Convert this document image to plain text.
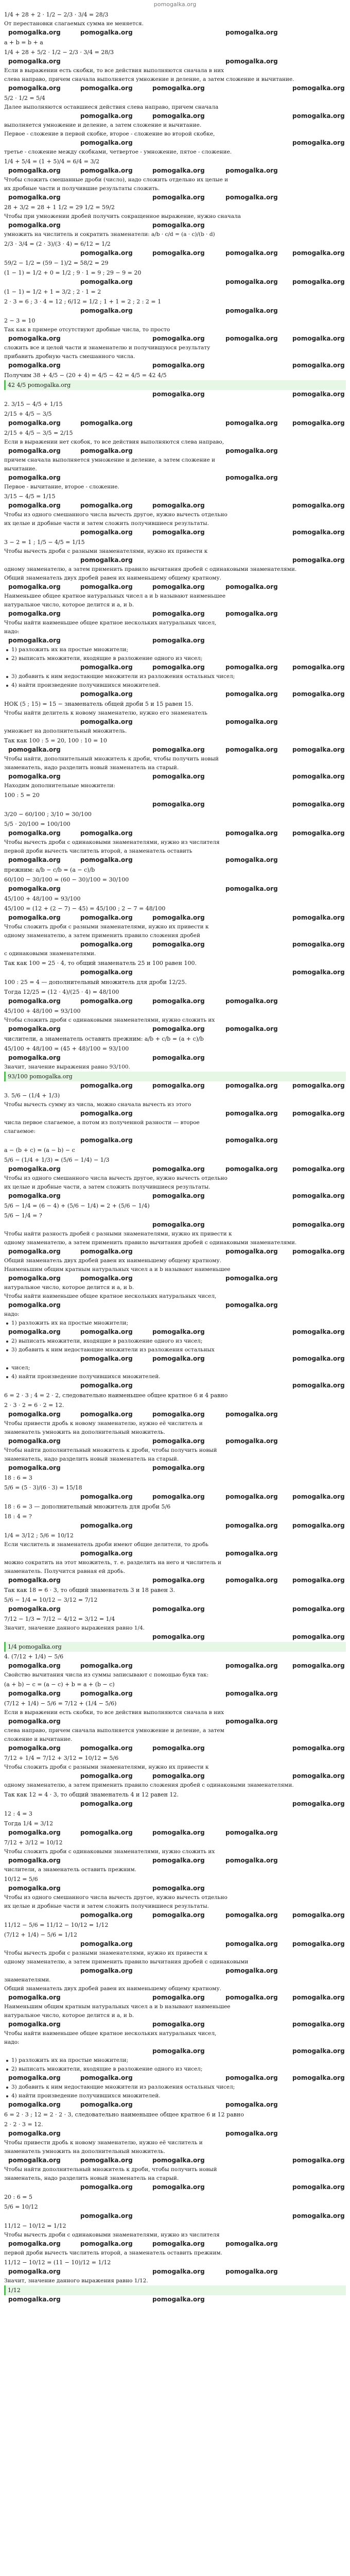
pomogalka.org
1/4 + 28 + 2 · 1/2 − 2/3 · 3/4 = 28/3
От перестановки слагаемых сумма не меняется.
pomogalka.org	pomogalka.org
pomogalka.org
a + b = b + a
1/4 + 28 + 5/2 · 1/2 − 2/3 · 3/4 = 28/3
pomogalka.org
pomogalka.org
Если в выражении есть скобки, то все действия выполняются сначала в них
слева направо, причем сначала выполняется умножение и деление, а затем сложение и вычитание.
pomogalka.org	pomogalka.org	pomogalka.org
pomogalka.org
5/2 · 1/2 = 5/4
Далее выполняются оставшиеся действия слева направо, причем сначала
pomogalka.org	pomogalka.org
pomogalka.org
выполняется умножение и деление, а затем сложение и вычитание.
Первое - сложение в первой скобке, второе - сложение во второй скобке,
pomogalka.org
pomogalka.org
третье - сложение между скобками, четвертое - умножение, пятое - сложение.
1/4 + 5/4 = (1 + 5)/4 = 6/4 = 3/2
pomogalka.org	pomogalka.org
pomogalka.org	pomogalka.org
Чтобы сложить смешанные дроби (число), надо сложить отдельно их целые и
их дробные части и получившие результаты сложить.
pomogalka.org
pomogalka.org	pomogalka.org
28 + 3/2 = 28 + 1 1/2 = 29 1/2 = 59/2
Чтобы при умножении дробей получить сокращенное выражение, нужно сначала
pomogalka.org	pomogalka.org
умножить на числитель и сократить знаменатели: a/b · c/d = (a · c)/(b · d)
2/3 · 3/4 = (2 · 3)/(3 · 4) = 6/12 = 1/2
pomogalka.org	pomogalka.org
pomogalka.org	pomogalka.org
59/2 − 1/2 = (59 − 1)/2 = 58/2 = 29
(1 − 1) = 1/2 + 0 = 1/2 ; 9 · 1 = 9 ; 29 − 9 = 20
pomogalka.org
pomogalka.org	pomogalka.org
(1 − 1) = 1/2 + 1 = 3/2 ; 2 · 1 = 2
2 · 3 = 6 ; 3 · 4 = 12 ; 6/12 = 1/2 ; 1 + 1 = 2 ; 2 : 2 = 1
pomogalka.org	pomogalka.org
2 − 3 = 10
Так как в примере отсутствуют дробные числа, то просто
pomogalka.org
pomogalka.org	pomogalka.org	pomogalka.org
сложить все и целой части и знаменателю и получившуюся результату
прибавить дробную часть смешанного числа.
pomogalka.org	pomogalka.org	pomogalka.org
Получим 38 + 4/5 − (20 + 4) = 4/5 − 42 = 4/5 = 42 4/5
42 4/5 pomogalka.org
pomogalka.org	pomogalka.org
2. 3/15 − 4/5 + 1/15
2/15 + 4/5 − 3/5
pomogalka.org
pomogalka.org	pomogalka.org
pomogalka.org
2/15 + 4/5 − 3/5 = 2/15
Если в выражении нет скобок, то все действия выполняются слева направо,
pomogalka.org	pomogalka.org
pomogalka.org
причем сначала выполняется умножение и деление, а затем сложение и
вычитание.
pomogalka.org
pomogalka.org
Первое - вычитание, второе - сложение.
3/15 − 4/5 = 1/15
pomogalka.org	pomogalka.org	pomogalka.org
pomogalka.org
Чтобы из одного смешанного числа вычесть другое, нужно вычесть отдельно
их целые и дробные части и затем сложить получившиеся результаты.
pomogalka.org	pomogalka.org
pomogalka.org
3 − 2 = 1 ; 1/5 − 4/5 = 1/15
Чтобы вычесть дроби с разными знаменателями, нужно их привести к
pomogalka.org
pomogalka.org
одному знаменателю, а затем применить правило вычитания дробей с одинаковыми знаменателями.
Общий знаменатель двух дробей равен их наименьшему общему кратному.
pomogalka.org	pomogalka.org
pomogalka.org	pomogalka.org
Наименьшее общее кратное натуральных чисел a и b называют наименьшее
натуральное число, которое делится и а, и b.
pomogalka.org
pomogalka.org	pomogalka.org
Чтобы найти наименьшее общее кратное нескольких натуральных чисел,
надо:
pomogalka.org	pomogalka.org
1) разложить их на простые множители;
2) выписать множители, входящие в разложение одного из чисел;
pomogalka.org	pomogalka.org
pomogalka.org	pomogalka.org
3) добавить к ним недостающие множители из разложения остальных чисел;
4) найти произведение получившихся множителей.
pomogalka.org
pomogalka.org	pomogalka.org
НОК (5 ; 15) = 15 − знаменатель общей дроби 5 и 15 равен 15.
Чтобы найти делитель к новому знаменателю, нужно его знаменатель
pomogalka.org	pomogalka.org
умножает на дополнительный множитель.
Так как 100 : 5 = 20, 100 : 10 = 10
pomogalka.org
pomogalka.org	pomogalka.org	pomogalka.org
Чтобы найти, дополнительный множитель к дроби, чтобы получить новый
знаменатель, надо разделить новый знаменатель на старый.
pomogalka.org	pomogalka.org	pomogalka.org
Находим дополнительные множители:
100 : 5 = 20
pomogalka.org	pomogalka.org
3/20 − 60/100 ; 3/10 = 30/100
5/5 · 20/100 = 100/100
pomogalka.org
pomogalka.org	pomogalka.org
pomogalka.org
Чтобы вычесть дроби с одинаковыми знаменателями, нужно из числителя
первой дроби вычесть числитель второй, а знаменатель оставить
pomogalka.org	pomogalka.org
pomogalka.org
прежним: a/b − c/b = (a − c)/b
60/100 − 30/100 = (60 − 30)/100 = 30/100
pomogalka.org
pomogalka.org
45/100 + 48/100 = 93/100
45/100 = (12 + (2 − 7) − 45) = 45/100 ; 2 − 7 = 48/100
pomogalka.org	pomogalka.org	pomogalka.org
pomogalka.org
Чтобы сложить дроби с разными знаменателями, нужно их привести к
одному знаменателю, а затем применить правило сложения дробей
pomogalka.org	pomogalka.org
pomogalka.org
с одинаковыми знаменателями.
Так как 100 = 25 · 4, то общий знаменатель 25 и 100 равен 100.
pomogalka.org
pomogalka.org
100 : 25 = 4 — дополнительный множитель для дроби 12/25.
Тогда 12/25 = (12 · 4)/(25 · 4) = 48/100
pomogalka.org	pomogalka.org
pomogalka.org	pomogalka.org
45/100 + 48/100 = 93/100
Чтобы сложить дроби с одинаковыми знаменателями, нужно сложить их
pomogalka.org
pomogalka.org	pomogalka.org
числители, а знаменатель оставить прежним: a/b + c/b = (a + c)/b
45/100 + 48/100 = (45 + 48)/100 = 93/100
pomogalka.org	pomogalka.org
Значит, значение выражения равно 93/100.
93/100 pomogalka.org
pomogalka.org	pomogalka.org
pomogalka.org	pomogalka.org
3. 5/6 − (1/4 + 1/3)
Чтобы вычесть сумму из числа, можно сначала вычесть из этого
pomogalka.org
pomogalka.org	pomogalka.org
числа первое слагаемое, а потом из полученной разности — второе
слагаемое:
pomogalka.org	pomogalka.org
a − (b + c) = (a − b) − c
5/6 − (1/4 + 1/3) = (5/6 − 1/4) − 1/3
pomogalka.org
pomogalka.org	pomogalka.org	pomogalka.org
Чтобы из одного смешанного числа вычесть другое, нужно вычесть отдельно
их целые и дробные части, а затем сложить получившиеся результаты.
pomogalka.org	pomogalka.org	pomogalka.org
5/6 − 1/4 = (6 − 4) + (5/6 − 1/4) = 2 + (5/6 − 1/4)
5/6 − 1/4 = ?
pomogalka.org	pomogalka.org
Чтобы найти разность дробей с разными знаменателями, нужно их привести к
одному знаменателю, а затем применить правило вычитания дробей с одинаковыми знаменателями.
pomogalka.org
pomogalka.org	pomogalka.org
pomogalka.org
Общий знаменатель двух дробей равен их наименьшему общему кратному.
Наименьшим общим кратным натуральных чисел a и b называют наименьшее
pomogalka.org	pomogalka.org
pomogalka.org
натуральное число, которое делится и а, и b.
Чтобы найти наименьшее общее кратное нескольких натуральных чисел,
pomogalka.org
pomogalka.org
надо:
1) разложить их на простые множители;
pomogalka.org	pomogalka.org	pomogalka.org
pomogalka.org
2) выписать множители, входящие в разложение одного из чисел;
3) добавить к ним недостающие множители из разложения остальных
pomogalka.org	pomogalka.org
pomogalka.org
чисел;
4) найти произведение получившихся множителей.
pomogalka.org
pomogalka.org
6 = 2 · 3 ; 4 = 2 · 2, следовательно наименьшее общее кратное 6 и 4 равно
2 · 3 · 2 = 6 · 2 = 12.
pomogalka.org	pomogalka.org
pomogalka.org	pomogalka.org
Чтобы привести дробь к новому знаменателю, нужно её числитель и
знаменатель умножить на дополнительный множитель.
pomogalka.org
pomogalka.org	pomogalka.org
Чтобы найти дополнительный множитель к дроби, чтобы получить новый
знаменатель, надо разделить новый знаменатель на старый.
pomogalka.org	pomogalka.org
18 : 6 = 3
5/6 = (5 · 3)/(6 · 3) = 15/18
pomogalka.org	pomogalka.org
pomogalka.org	pomogalka.org
18 : 6 = 3 — дополнительный множитель для дроби 5/6
18 : 4 = ?
pomogalka.org
pomogalka.org	pomogalka.org
1/4 = 3/12 ; 5/6 = 10/12
Если числитель и знаменатель дроби имеют общие делители, то дробь
pomogalka.org	pomogalka.org
можно сократить на этот множитель, т. е. разделить на него и числитель и
знаменатель. Получится равная ей дробь.
pomogalka.org
pomogalka.org	pomogalka.org	pomogalka.org
Так как 18 = 6 · 3, то общий знаменатель 3 и 18 равен 3.
5/6 − 1/4 = 10/12 − 3/12 = 7/12
pomogalka.org	pomogalka.org	pomogalka.org
7/12 − 1/3 = 7/12 − 4/12 = 3/12 = 1/4
Значит, значение данного выражения равно 1/4.
pomogalka.org	pomogalka.org
1/4 pomogalka.org
4. (7/12 + 1/4) − 5/6
pomogalka.org
pomogalka.org	pomogalka.org
pomogalka.org
Свойство вычитания числа из суммы записывают с помощью букв так:
(a + b) − c = (a − c) + b = a + (b − c)
pomogalka.org	pomogalka.org
pomogalka.org
(7/12 + 1/4) − 5/6 = 7/12 + (1/4 − 5/6)
Если в выражении есть скобки, то все действия выполняются сначала в них
pomogalka.org
pomogalka.org
слева направо, причем сначала выполняется умножение и деление, а затем
сложение и вычитание.
pomogalka.org	pomogalka.org	pomogalka.org
pomogalka.org
7/12 + 1/4 = 7/12 + 3/12 = 10/12 = 5/6
Чтобы сложить дроби с разными знаменателями, нужно их привести к
pomogalka.org	pomogalka.org
pomogalka.org
одному знаменателю, а затем применить правило сложения дробей с одинаковыми знаменателями.
Так как 12 = 4 · 3, то общий знаменатель 4 и 12 равен 12.
pomogalka.org
pomogalka.org
12 : 4 = 3
Тогда 1/4 = 3/12
pomogalka.org	pomogalka.org
pomogalka.org	pomogalka.org
7/12 + 3/12 = 10/12
Чтобы сложить дроби с одинаковыми знаменателями, нужно сложить их
pomogalka.org
pomogalka.org	pomogalka.org
числители, а знаменатель оставить прежним.
10/12 = 5/6
pomogalka.org	pomogalka.org
Чтобы из одного смешанного числа вычесть другое, нужно вычесть отдельно
их целые и дробные части и затем сложить получившиеся результаты.
pomogalka.org	pomogalka.org
pomogalka.org	pomogalka.org
11/12 − 5/6 = 11/12 − 10/12 = 1/12
(7/12 + 1/4) − 5/6 = 1/12
pomogalka.org
pomogalka.org	pomogalka.org
Чтобы вычесть дроби с разными знаменателями, нужно их привести к
одному знаменателю, а затем применить правило вычитания дробей с одинаковыми
pomogalka.org	pomogalka.org
знаменателями.
Общий знаменатель двух дробей равен их наименьшему общему кратному.
pomogalka.org
pomogalka.org	pomogalka.org	pomogalka.org
Наименьшим общим кратным натуральных чисел a и b называют наименьшее
натуральное число, которое делится и а, и b.
pomogalka.org	pomogalka.org	pomogalka.org
Чтобы найти наименьшее общее кратное нескольких натуральных чисел,
надо:
pomogalka.org	pomogalka.org
1) разложить их на простые множители;
2) выписать множители, входящие в разложение одного из чисел;
pomogalka.org
pomogalka.org	pomogalka.org
pomogalka.org
3) добавить к ним недостающие множители из разложения остальных чисел;
4) найти произведение получившихся множителей.
pomogalka.org	pomogalka.org
pomogalka.org
6 = 2 · 3 ; 12 = 2 · 2 · 3, следовательно наименьшее общее кратное 6 и 12 равно
2 · 2 · 3 = 12.
pomogalka.org
pomogalka.org
Чтобы привести дробь к новому знаменателю, нужно её числитель и
знаменатель умножить на дополнительный множитель.
pomogalka.org	pomogalka.org	pomogalka.org
pomogalka.org
Чтобы найти дополнительный множитель к дроби, чтобы получить новый
знаменатель, надо разделить новый знаменатель на старый.
pomogalka.org	pomogalka.org
pomogalka.org
20 : 6 = 5
5/6 = 10/12
pomogalka.org
pomogalka.org
11/12 − 10/12 = 1/12
Чтобы вычесть дроби с одинаковыми знаменателями, нужно из числителя
pomogalka.org	pomogalka.org
pomogalka.org	pomogalka.org
первой дроби вычесть числитель второй, а знаменатель оставить прежним.
11/12 − 10/12 = (11 − 10)/12 = 1/12
pomogalka.org
pomogalka.org	pomogalka.org
Значит, значение данного выражения равно 1/12.
1/12
pomogalka.org	pomogalka.org
